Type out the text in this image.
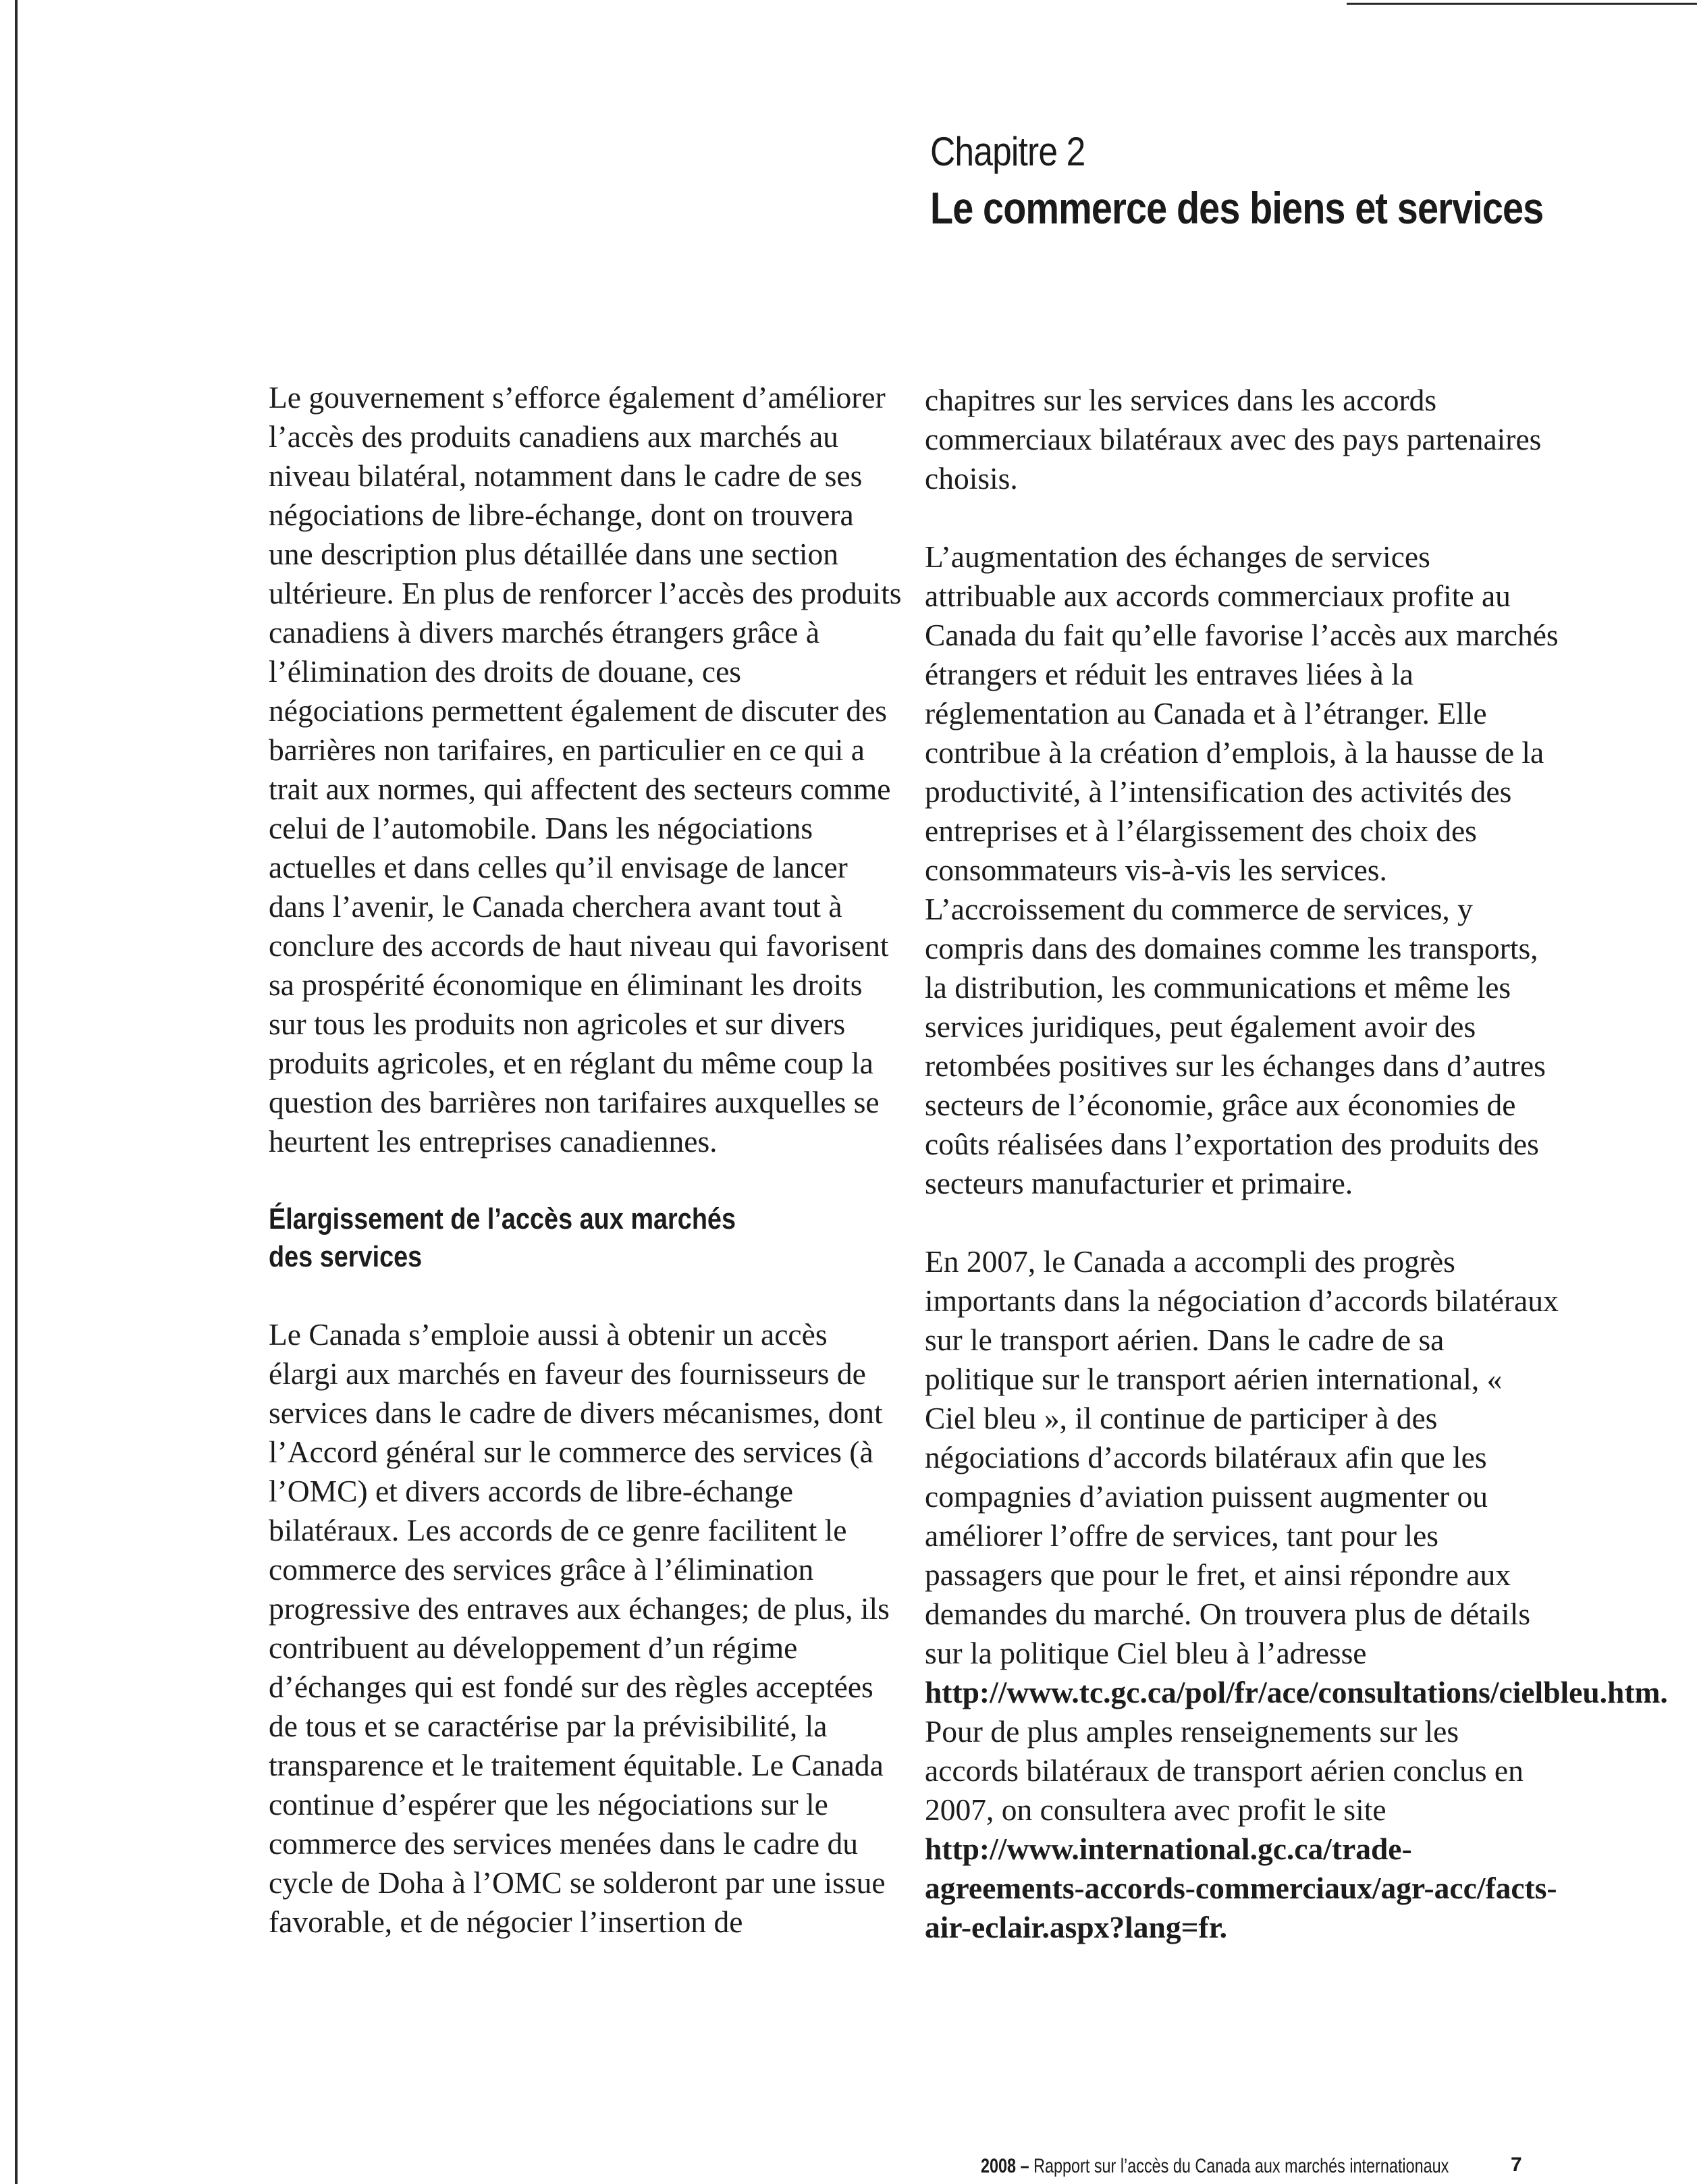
Chapitre 2
Le commerce des biens et services

Le gouvernement s’efforce également d’améliorer l’accès des produits canadiens aux marchés au niveau bilatéral, notamment dans le cadre de ses négociations de libre-échange, dont on trouvera une description plus détaillée dans une section ultérieure. En plus de renforcer l’accès des produits canadiens à divers marchés étrangers grâce à l’élimination des droits de douane, ces négociations permettent également de discuter des barrières non tarifaires, en particulier en ce qui a trait aux normes, qui affectent des secteurs comme celui de l’automobile. Dans les négociations actuelles et dans celles qu’il envisage de lancer dans l’avenir, le Canada cherchera avant tout à conclure des accords de haut niveau qui favorisent sa prospérité économique en éliminant les droits sur tous les produits non agricoles et sur divers produits agricoles, et en réglant du même coup la question des barrières non tarifaires auxquelles se heurtent les entreprises canadiennes.

Élargissement de l’accès aux marchés
des services

Le Canada s’emploie aussi à obtenir un accès élargi aux marchés en faveur des fournisseurs de services dans le cadre de divers mécanismes, dont l’Accord général sur le commerce des services (à l’OMC) et divers accords de libre-échange bilatéraux. Les accords de ce genre facilitent le commerce des services grâce à l’élimination progressive des entraves aux échanges; de plus, ils contribuent au développement d’un régime d’échanges qui est fondé sur des règles acceptées de tous et se caractérise par la prévisibilité, la transparence et le traitement équitable. Le Canada continue d’espérer que les négociations sur le commerce des services menées dans le cadre du cycle de Doha à l’OMC se solderont par une issue favorable, et de négocier l’insertion de

chapitres sur les services dans les accords commerciaux bilatéraux avec des pays partenaires choisis.

L’augmentation des échanges de services attribuable aux accords commerciaux profite au Canada du fait qu’elle favorise l’accès aux marchés étrangers et réduit les entraves liées à la réglementation au Canada et à l’étranger. Elle contribue à la création d’emplois, à la hausse de la productivité, à l’intensification des activités des entreprises et à l’élargissement des choix des consommateurs vis-à-vis les services. L’accroissement du commerce de services, y compris dans des domaines comme les transports, la distribution, les communications et même les services juridiques, peut également avoir des retombées positives sur les échanges dans d’autres secteurs de l’économie, grâce aux économies de coûts réalisées dans l’exportation des produits des secteurs manufacturier et primaire.

En 2007, le Canada a accompli des progrès importants dans la négociation d’accords bilatéraux sur le transport aérien. Dans le cadre de sa politique sur le transport aérien international, « Ciel bleu », il continue de participer à des négociations d’accords bilatéraux afin que les compagnies d’aviation puissent augmenter ou améliorer l’offre de services, tant pour les passagers que pour le fret, et ainsi répondre aux demandes du marché. On trouvera plus de détails sur la politique Ciel bleu à l’adresse http://www.tc.gc.ca/pol/fr/ace/consultations/cielbleu.htm. Pour de plus amples renseignements sur les accords bilatéraux de transport aérien conclus en 2007, on consultera avec profit le site http://www.international.gc.ca/trade-agreements-accords-commerciaux/agr-acc/facts-air-eclair.aspx?lang=fr.

2008 – Rapport sur l’accès du Canada aux marchés internationaux	7
